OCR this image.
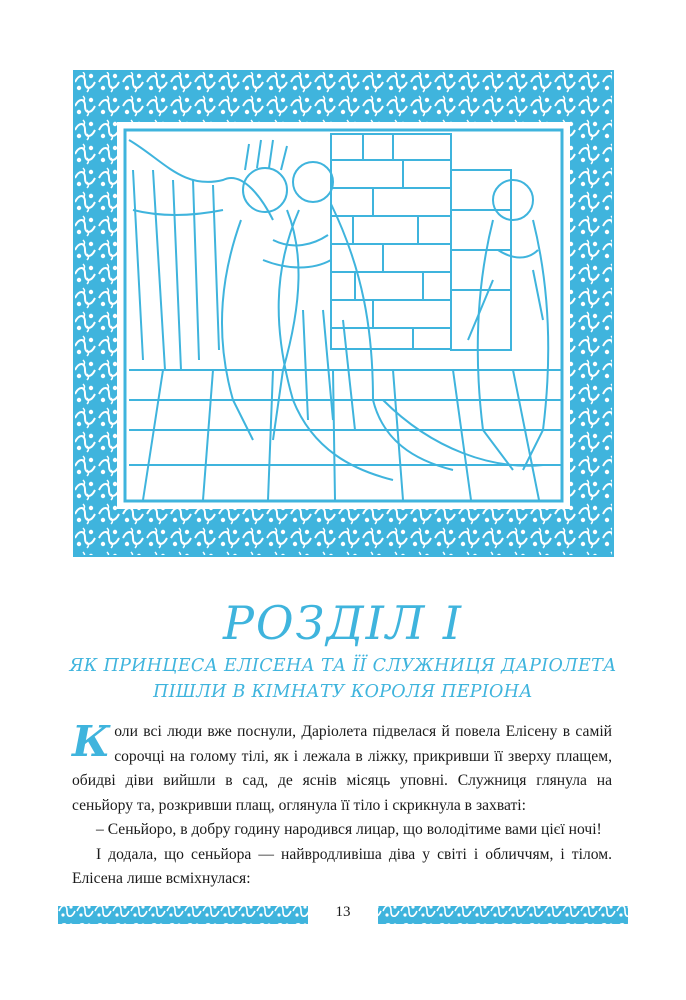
РОЗДІЛ І
ЯК ПРИНЦЕСА ЕЛІСЕНА ТА ЇЇ СЛУЖНИЦЯ ДАРІОЛЕТА
ПІШЛИ В КІМНАТУ КОРОЛЯ ПЕРІОНА

Коли всі люди вже поснули, Даріолета підвелася й повела Елісену в самій сорочці на голому тілі, як і лежала в ліжку, прикривши її зверху плащем, обидві діви вийшли в сад, де яснів місяць уповні. Служниця глянула на сеньйору та, розкривши плащ, оглянула її тіло і скрикнула в захваті:

– Сеньйоро, в добру годину народився лицар, що володітиме вами цієї ночі!

І додала, що сеньйора — найвродливіша діва у світі і обличчям, і тілом. Елісена лише всміхнулася:

13
